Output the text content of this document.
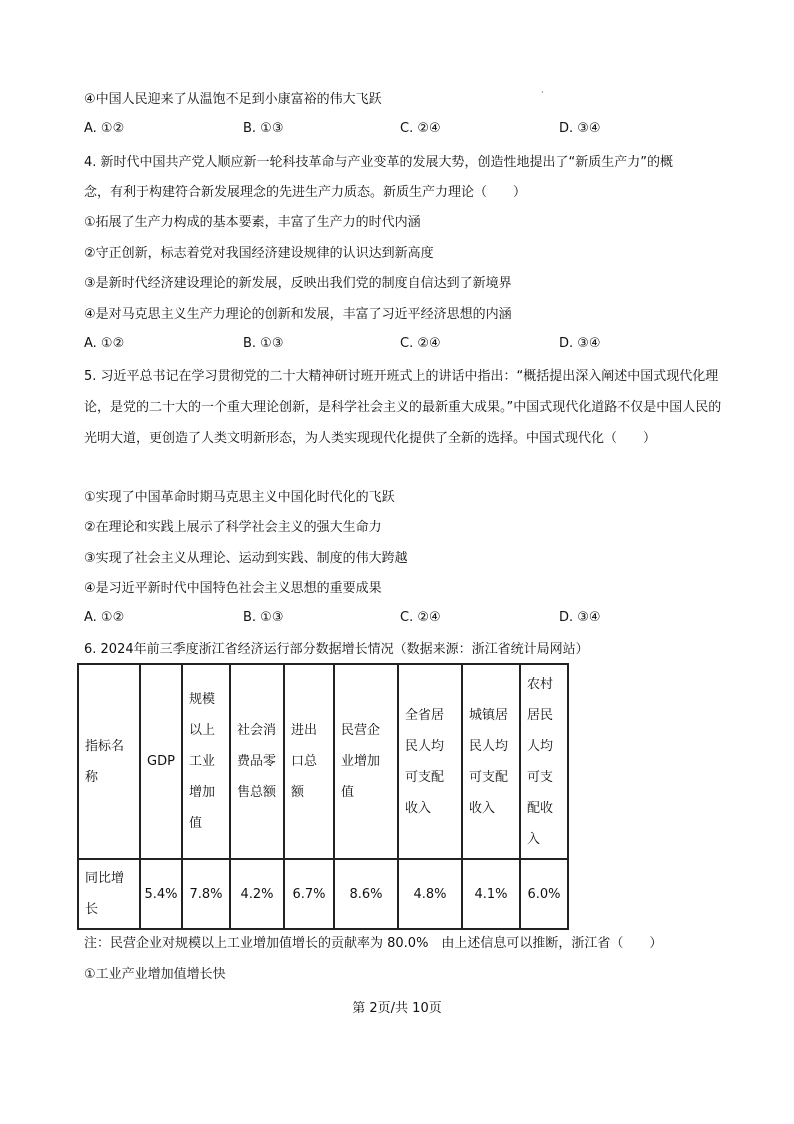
·
④中国人民迎来了从温饱不足到小康富裕的伟大飞跃
A. ①②	B. ①③	C. ②④	D. ③④
4. 新时代中国共产党人顺应新一轮科技革命与产业变革的发展大势，创造性地提出了“新质生产力”的概
念，有利于构建符合新发展理念的先进生产力质态。新质生产力理论（　　）
①拓展了生产力构成的基本要素，丰富了生产力的时代内涵
②守正创新，标志着党对我国经济建设规律的认识达到新高度
③是新时代经济建设理论的新发展，反映出我们党的制度自信达到了新境界
④是对马克思主义生产力理论的创新和发展，丰富了习近平经济思想的内涵
A. ①②	B. ①③	C. ②④	D. ③④
5. 习近平总书记在学习贯彻党的二十大精神研讨班开班式上的讲话中指出：“概括提出深入阐述中国式现代化理论，是党的二十大的一个重大理论创新，是科学社会主义的最新重大成果。”中国式现代化道路不仅是中国人民的光明大道，更创造了人类文明新形态，为人类实现现代化提供了全新的选择。中国式现代化（　　）
①实现了中国革命时期马克思主义中国化时代化的飞跃
②在理论和实践上展示了科学社会主义的强大生命力
③实现了社会主义从理论、运动到实践、制度的伟大跨越
④是习近平新时代中国特色社会主义思想的重要成果
A. ①②	B. ①③	C. ②④	D. ③④
6. 2024年前三季度浙江省经济运行部分数据增长情况（数据来源：浙江省统计局网站）
指标名称	GDP	规模以上工业增加值	社会消费品零售总额	进出口总额	民营企业增加值	全省居民人均可支配收入	城镇居民人均可支配收入	农村居民人均可支配收入
同比增长	5.4%	7.8%	4.2%	6.7%	8.6%	4.8%	4.1%	6.0%
注：民营企业对规模以上工业增加值增长的贡献率为 80.0%　由上述信息可以推断，浙江省（　　）
①工业产业增加值增长快
第 2页/共 10页
